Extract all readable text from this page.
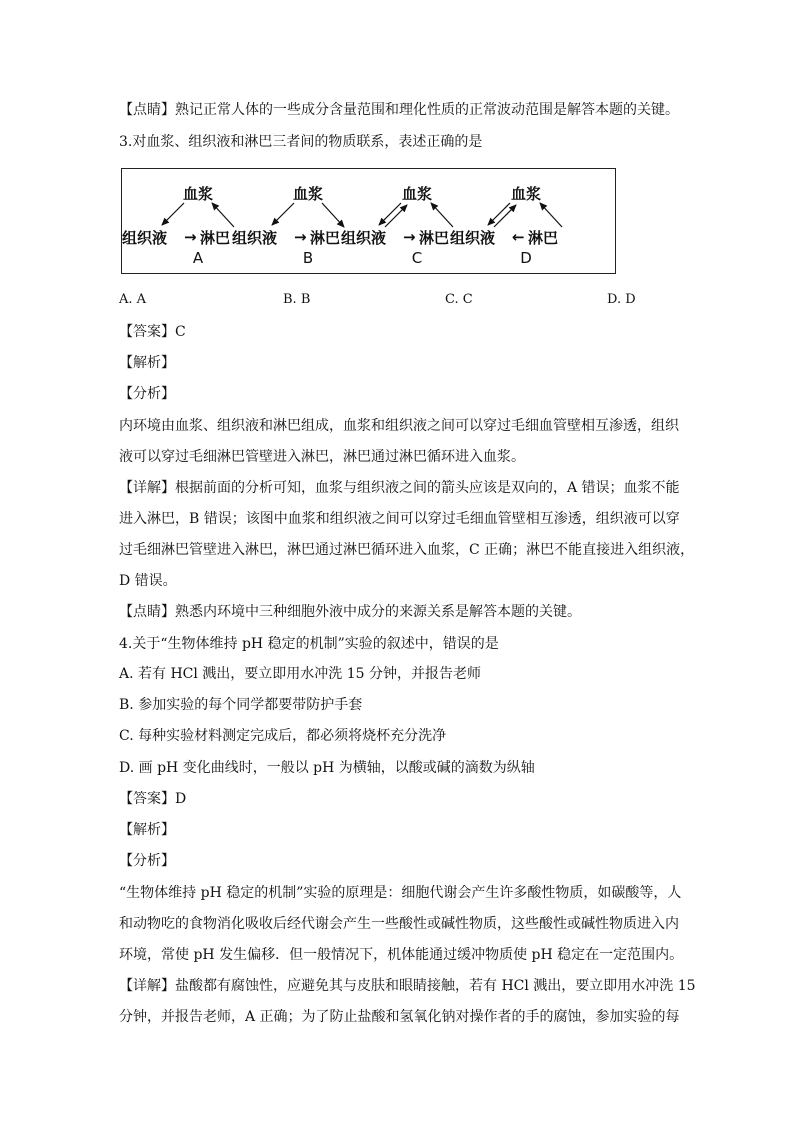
【点睛】熟记正常人体的一些成分含量范围和理化性质的正常波动范围是解答本题的关键。
3.对血浆、组织液和淋巴三者间的物质联系，表述正确的是
血浆
组织液 → 淋巴
A
血浆
组织液 → 淋巴
B
血浆
组织液 → 淋巴
C
血浆
组织液 ← 淋巴
D
A. A	B. B	C. C	D. D
【答案】C
【解析】
【分析】
内环境由血浆、组织液和淋巴组成，血浆和组织液之间可以穿过毛细血管壁相互渗透，组织
液可以穿过毛细淋巴管壁进入淋巴，淋巴通过淋巴循环进入血浆。
【详解】根据前面的分析可知，血浆与组织液之间的箭头应该是双向的，A 错误；血浆不能
进入淋巴，B 错误；该图中血浆和组织液之间可以穿过毛细血管壁相互渗透，组织液可以穿
过毛细淋巴管壁进入淋巴，淋巴通过淋巴循环进入血浆，C 正确；淋巴不能直接进入组织液，
D 错误。
【点睛】熟悉内环境中三种细胞外液中成分的来源关系是解答本题的关键。
4.关于“生物体维持 pH 稳定的机制”实验的叙述中，错误的是
A. 若有 HCl 溅出，要立即用水冲洗 15 分钟，并报告老师
B. 参加实验的每个同学都要带防护手套
C. 每种实验材料测定完成后，都必须将烧杯充分洗净
D. 画 pH 变化曲线时，一般以 pH 为横轴，以酸或碱的滴数为纵轴
【答案】D
【解析】
【分析】
“生物体维持 pH 稳定的机制”实验的原理是：细胞代谢会产生许多酸性物质，如碳酸等，人
和动物吃的食物消化吸收后经代谢会产生一些酸性或碱性物质，这些酸性或碱性物质进入内
环境，常使 pH 发生偏移．但一般情况下，机体能通过缓冲物质使 pH 稳定在一定范围内。
【详解】盐酸都有腐蚀性，应避免其与皮肤和眼睛接触，若有 HCl 溅出，要立即用水冲洗 15
分钟，并报告老师，A 正确；为了防止盐酸和氢氧化钠对操作者的手的腐蚀，参加实验的每
